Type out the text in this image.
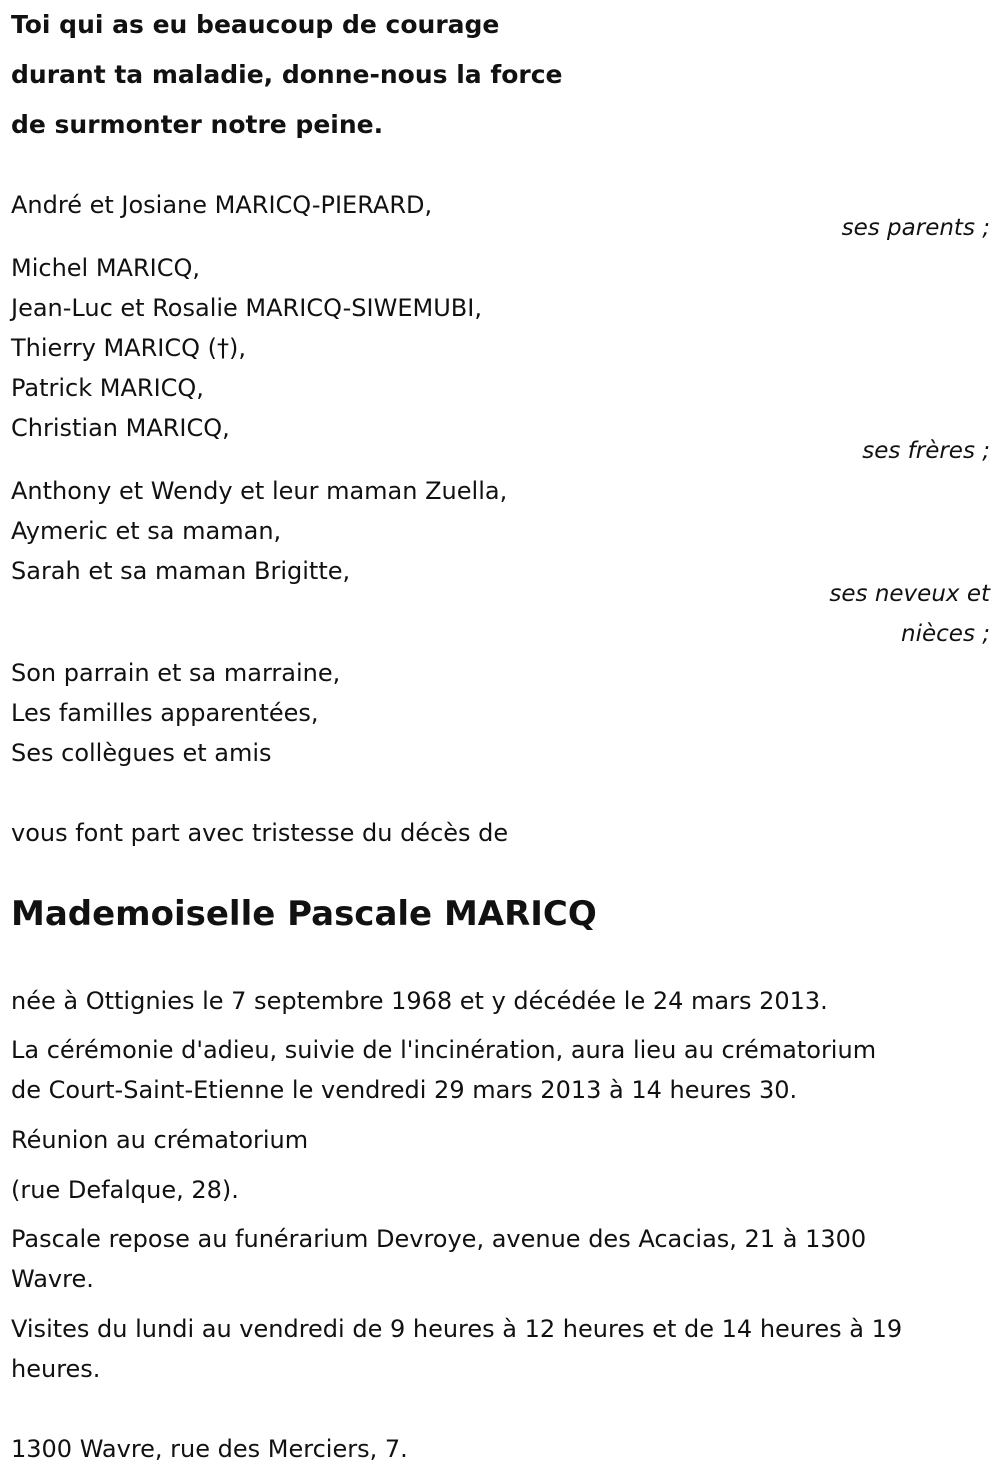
Toi qui as eu beaucoup de courage
durant ta maladie, donne-nous la force
de surmonter notre peine.
André et Josiane MARICQ-PIERARD,
ses parents ;
Michel MARICQ,
Jean-Luc et Rosalie MARICQ-SIWEMUBI,
Thierry MARICQ (†),
Patrick MARICQ,
Christian MARICQ,
ses frères ;
Anthony et Wendy et leur maman Zuella,
Aymeric et sa maman,
Sarah et sa maman Brigitte,
ses neveux et
nièces ;
Son parrain et sa marraine,
Les familles apparentées,
Ses collègues et amis
vous font part avec tristesse du décès de
Mademoiselle Pascale MARICQ
née à Ottignies le 7 septembre 1968 et y décédée le 24 mars 2013.
La cérémonie d'adieu, suivie de l'incinération, aura lieu au crématorium
de Court-Saint-Etienne le vendredi 29 mars 2013 à 14 heures 30.
Réunion au crématorium
(rue Defalque, 28).
Pascale repose au funérarium Devroye, avenue des Acacias, 21 à 1300
Wavre.
Visites du lundi au vendredi de 9 heures à 12 heures et de 14 heures à 19
heures.
1300 Wavre, rue des Merciers, 7.
